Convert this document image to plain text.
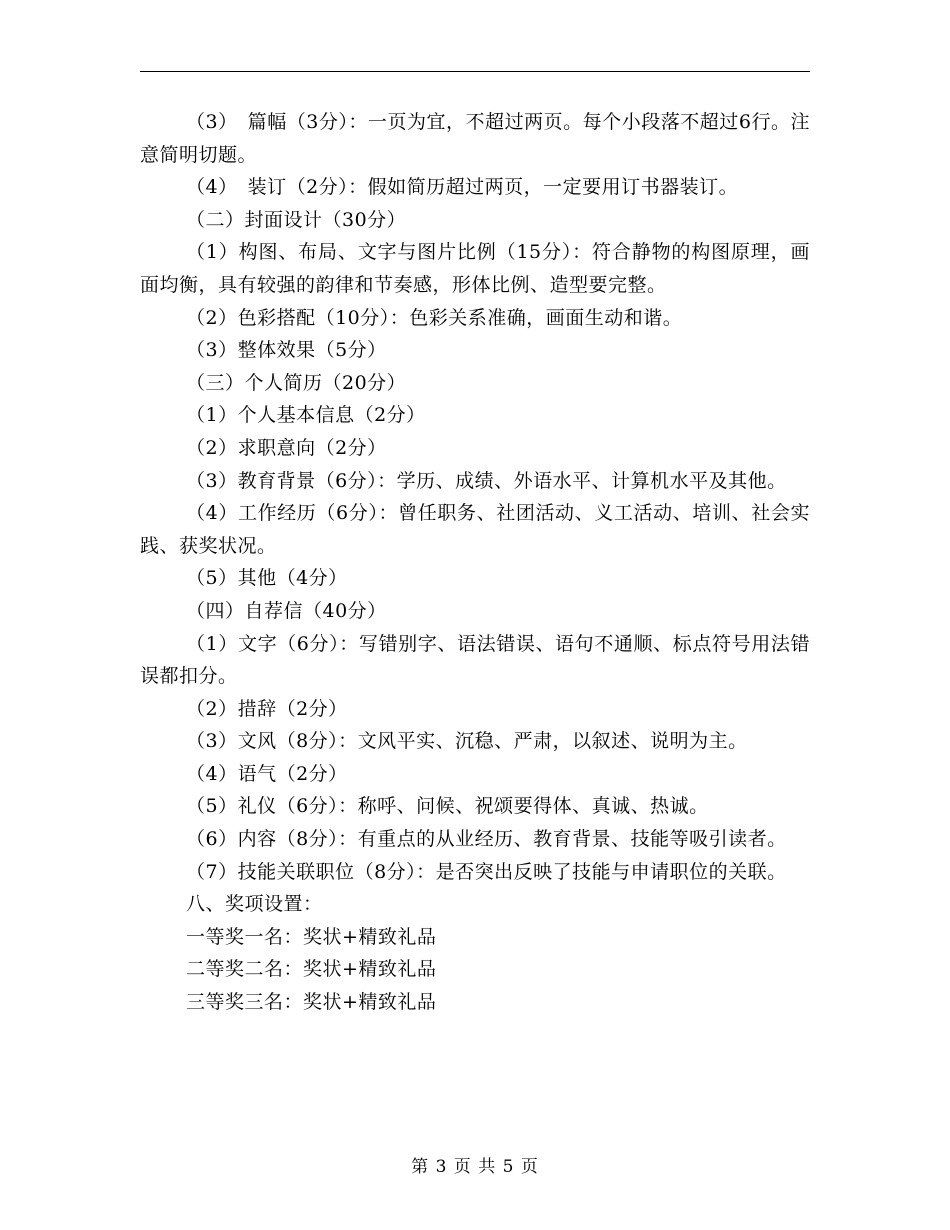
（3）　篇幅（3分）：一页为宜，不超过两页。每个小段落不超过6行。注意简明切题。

（4）　装订（2分）：假如简历超过两页，一定要用订书器装订。

（二）封面设计（30分）

（1）构图、布局、文字与图片比例（15分）：符合静物的构图原理，画面均衡，具有较强的韵律和节奏感，形体比例、造型要完整。

（2）色彩搭配（10分）：色彩关系准确，画面生动和谐。

（3）整体效果（5分）

（三）个人简历（20分）

（1）个人基本信息（2分）

（2）求职意向（2分）

（3）教育背景（6分）：学历、成绩、外语水平、计算机水平及其他。

（4）工作经历（6分）：曾任职务、社团活动、义工活动、培训、社会实践、获奖状况。

（5）其他（4分）

（四）自荐信（40分）

（1）文字（6分）：写错别字、语法错误、语句不通顺、标点符号用法错误都扣分。

（2）措辞（2分）

（3）文风（8分）：文风平实、沉稳、严肃，以叙述、说明为主。

（4）语气（2分）

（5）礼仪（6分）：称呼、问候、祝颂要得体、真诚、热诚。

（6）内容（8分）：有重点的从业经历、教育背景、技能等吸引读者。

（7）技能关联职位（8分）：是否突出反映了技能与申请职位的关联。

八、奖项设置：

一等奖一名：奖状+精致礼品

二等奖二名：奖状+精致礼品

三等奖三名：奖状+精致礼品

第 3 页 共 5 页
